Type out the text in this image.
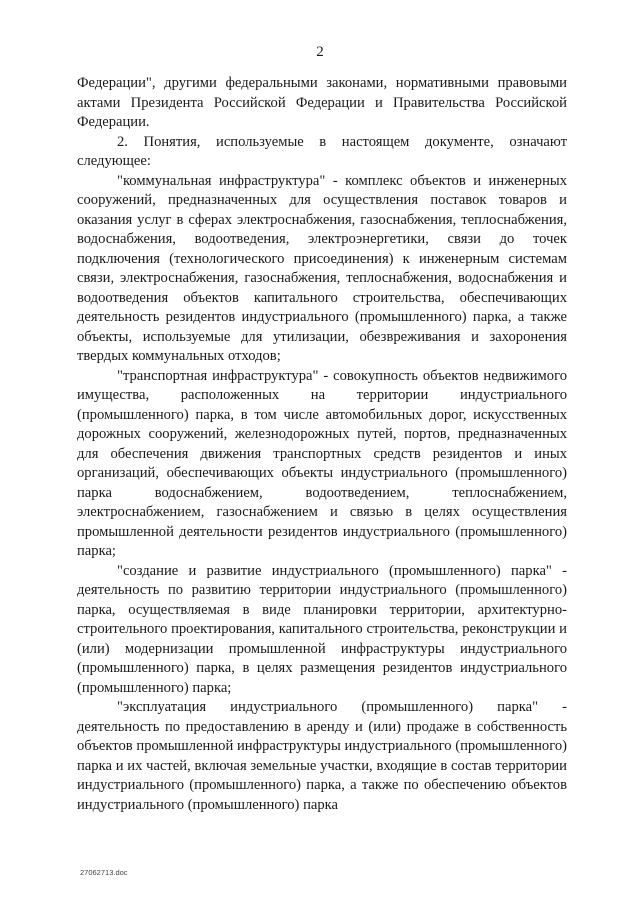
2

Федерации", другими федеральными законами, нормативными правовыми актами Президента Российской Федерации и Правительства Российской Федерации.

2. Понятия, используемые в настоящем документе, означают следующее:

"коммунальная инфраструктура" - комплекс объектов и инженерных сооружений, предназначенных для осуществления поставок товаров и оказания услуг в сферах электроснабжения, газоснабжения, теплоснабжения, водоснабжения, водоотведения, электроэнергетики, связи до точек подключения (технологического присоединения) к инженерным системам связи, электроснабжения, газоснабжения, теплоснабжения, водоснабжения и водоотведения объектов капитального строительства, обеспечивающих деятельность резидентов индустриального (промышленного) парка, а также объекты, используемые для утилизации, обезвреживания и захоронения твердых коммунальных отходов;

"транспортная инфраструктура" - совокупность объектов недвижимого имущества, расположенных на территории индустриального (промышленного) парка, в том числе автомобильных дорог, искусственных дорожных сооружений, железнодорожных путей, портов, предназначенных для обеспечения движения транспортных средств резидентов и иных организаций, обеспечивающих объекты индустриального (промышленного) парка водоснабжением, водоотведением, теплоснабжением, электроснабжением, газоснабжением и связью в целях осуществления промышленной деятельности резидентов индустриального (промышленного) парка;

"создание и развитие индустриального (промышленного) парка" - деятельность по развитию территории индустриального (промышленного) парка, осуществляемая в виде планировки территории, архитектурно-строительного проектирования, капитального строительства, реконструкции и (или) модернизации промышленной инфраструктуры индустриального (промышленного) парка, в целях размещения резидентов индустриального (промышленного) парка;

"эксплуатация индустриального (промышленного) парка" - деятельность по предоставлению в аренду и (или) продаже в собственность объектов промышленной инфраструктуры индустриального (промышленного) парка и их частей, включая земельные участки, входящие в состав территории индустриального (промышленного) парка, а также по обеспечению объектов индустриального (промышленного) парка

27062713.doc
